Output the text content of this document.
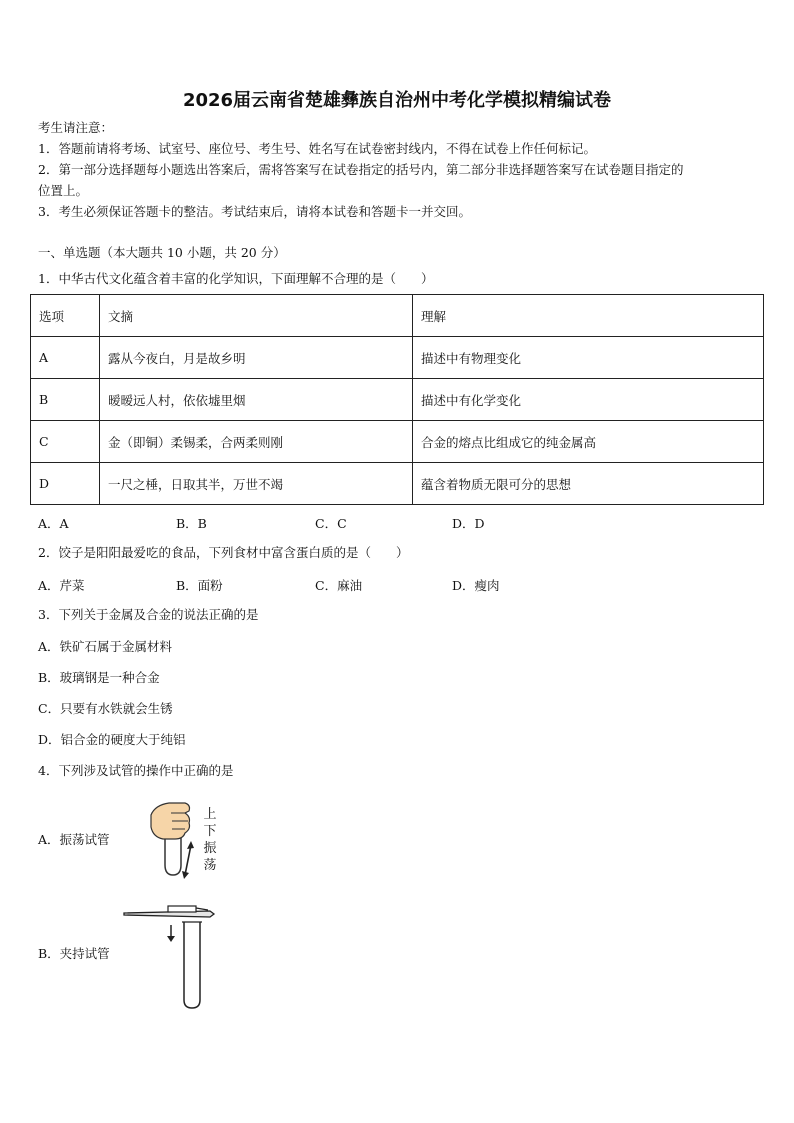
2026届云南省楚雄彝族自治州中考化学模拟精编试卷
考生请注意：
1．答题前请将考场、试室号、座位号、考生号、姓名写在试卷密封线内，不得在试卷上作任何标记。
2．第一部分选择题每小题选出答案后，需将答案写在试卷指定的括号内，第二部分非选择题答案写在试卷题目指定的
位置上。
3．考生必须保证答题卡的整洁。考试结束后，请将本试卷和答题卡一并交回。
一、单选题（本大题共 10 小题，共 20 分）
1．中华古代文化蕴含着丰富的化学知识，下面理解不合理的是（　　）
选项	文摘	理解
A	露从今夜白，月是故乡明	描述中有物理变化
B	暧暧远人村，依依墟里烟	描述中有化学变化
C	金（即铜）柔锡柔，合两柔则刚	合金的熔点比组成它的纯金属高
D	一尺之棰，日取其半，万世不竭	蕴含着物质无限可分的思想
A．A	B．B	C．C	D．D
2．饺子是阳阳最爱吃的食品，下列食材中富含蛋白质的是（　　）
A．芹菜	B．面粉	C．麻油	D．瘦肉
3．下列关于金属及合金的说法正确的是
A．铁矿石属于金属材料
B．玻璃钢是一种合金
C．只要有水铁就会生锈
D．铝合金的硬度大于纯铝
4．下列涉及试管的操作中正确的是
A．振荡试管
上
下
振
荡
B．夹持试管
